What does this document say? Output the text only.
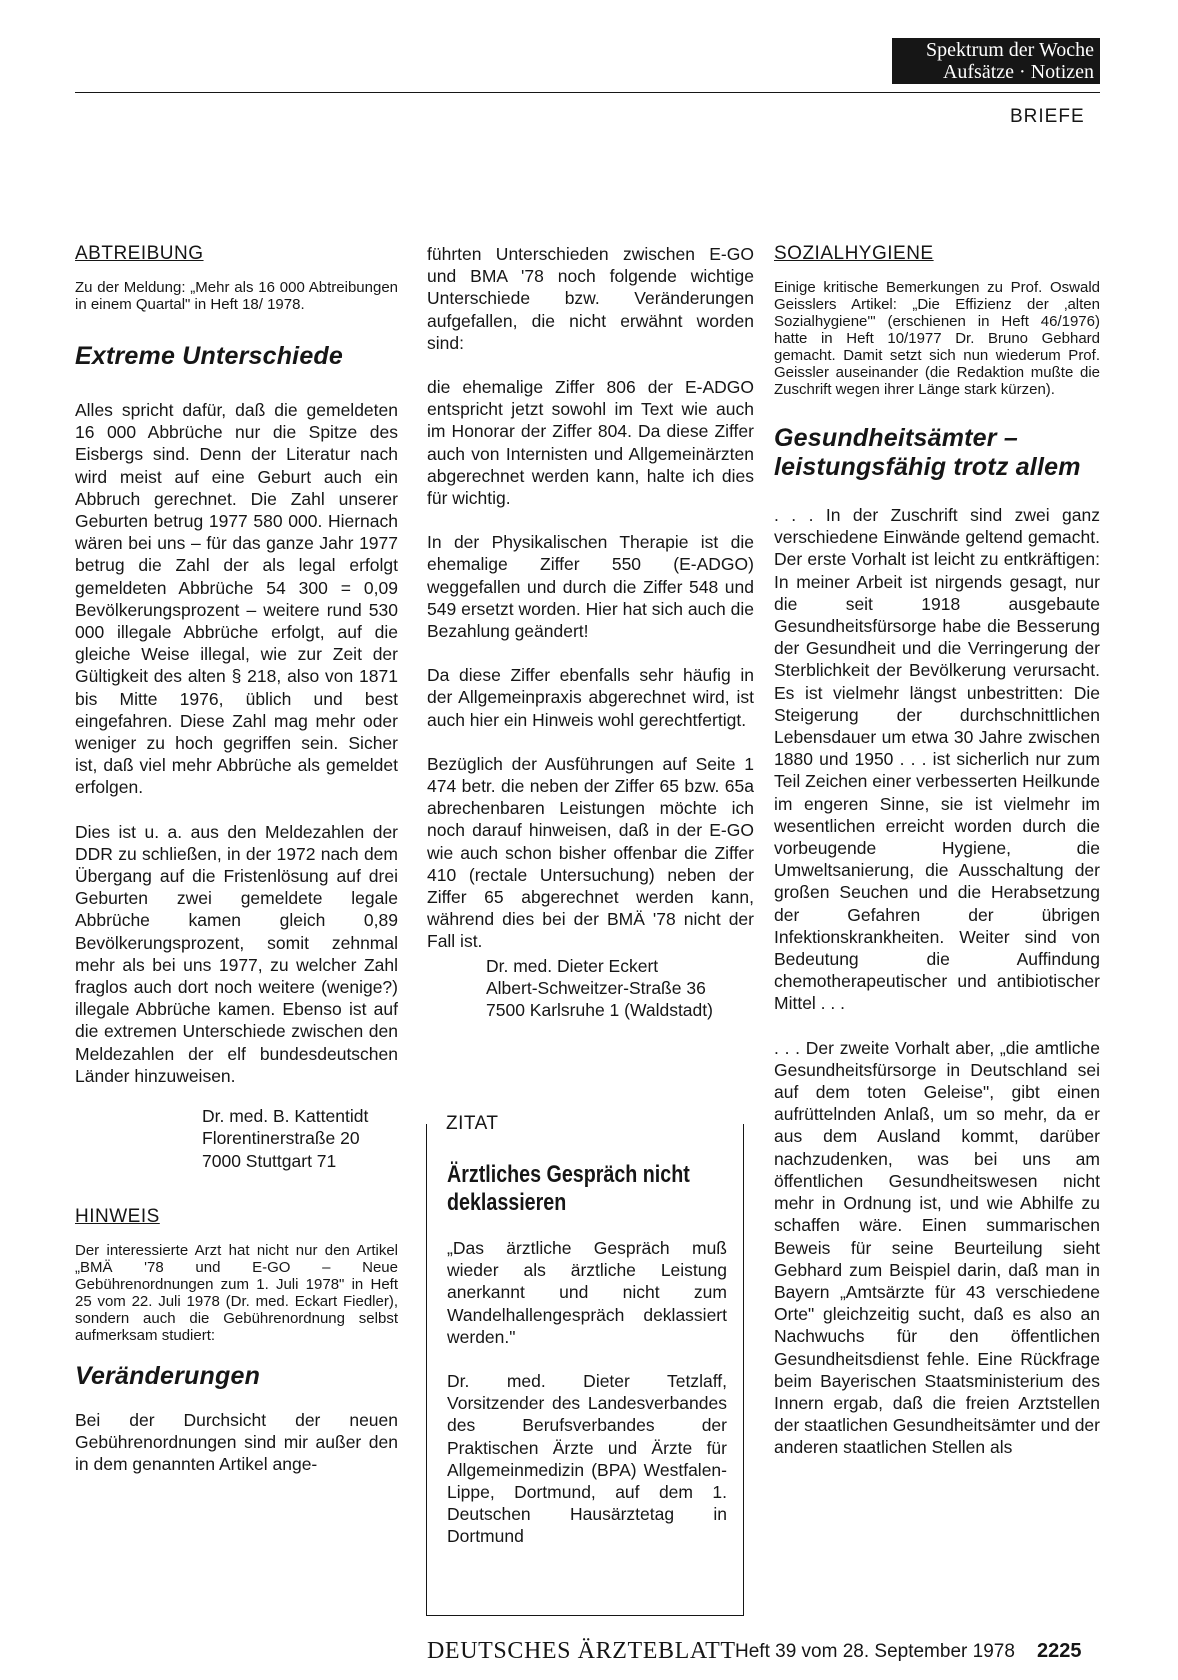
Spektrum der Woche
Aufsätze · Notizen
BRIEFE
ABTREIBUNG

Zu der Meldung: „Mehr als 16 000 Abtreibungen in einem Quartal" in Heft 18/ 1978.

Extreme Unterschiede

Alles spricht dafür, daß die gemeldeten 16 000 Abbrüche nur die Spitze des Eisbergs sind. Denn der Literatur nach wird meist auf eine Geburt auch ein Abbruch gerechnet. Die Zahl unserer Geburten betrug 1977 580 000. Hiernach wären bei uns – für das ganze Jahr 1977 betrug die Zahl der als legal erfolgt gemeldeten Abbrüche 54 300 = 0,09 Bevölkerungsprozent – weitere rund 530 000 illegale Abbrüche erfolgt, auf die gleiche Weise illegal, wie zur Zeit der Gültigkeit des alten § 218, also von 1871 bis Mitte 1976, üblich und best eingefahren. Diese Zahl mag mehr oder weniger zu hoch gegriffen sein. Sicher ist, daß viel mehr Abbrüche als gemeldet erfolgen.

Dies ist u. a. aus den Meldezahlen der DDR zu schließen, in der 1972 nach dem Übergang auf die Fristenlösung auf drei Geburten zwei gemeldete legale Abbrüche kamen gleich 0,89 Bevölkerungsprozent, somit zehnmal mehr als bei uns 1977, zu welcher Zahl fraglos auch dort noch weitere (wenige?) illegale Abbrüche kamen. Ebenso ist auf die extremen Unterschiede zwischen den Meldezahlen der elf bundesdeutschen Länder hinzuweisen.

Dr. med. B. Kattentidt
Florentinerstraße 20
7000 Stuttgart 71
HINWEIS

Der interessierte Arzt hat nicht nur den Artikel „BMÄ '78 und E-GO – Neue Gebührenordnungen zum 1. Juli 1978" in Heft 25 vom 22. Juli 1978 (Dr. med. Eckart Fiedler), sondern auch die Gebührenordnung selbst aufmerksam studiert:

Veränderungen

Bei der Durchsicht der neuen Gebührenordnungen sind mir außer den in dem genannten Artikel ange-

führten Unterschieden zwischen E-GO und BMA '78 noch folgende wichtige Unterschiede bzw. Veränderungen aufgefallen, die nicht erwähnt worden sind:

die ehemalige Ziffer 806 der E-ADGO entspricht jetzt sowohl im Text wie auch im Honorar der Ziffer 804. Da diese Ziffer auch von Internisten und Allgemeinärzten abgerechnet werden kann, halte ich dies für wichtig.

In der Physikalischen Therapie ist die ehemalige Ziffer 550 (E-ADGO) weggefallen und durch die Ziffer 548 und 549 ersetzt worden. Hier hat sich auch die Bezahlung geändert!

Da diese Ziffer ebenfalls sehr häufig in der Allgemeinpraxis abgerechnet wird, ist auch hier ein Hinweis wohl gerechtfertigt.

Bezüglich der Ausführungen auf Seite 1 474 betr. die neben der Ziffer 65 bzw. 65a abrechenbaren Leistungen möchte ich noch darauf hinweisen, daß in der E-GO wie auch schon bisher offenbar die Ziffer 410 (rectale Untersuchung) neben der Ziffer 65 abgerechnet werden kann, während dies bei der BMÄ '78 nicht der Fall ist.

Dr. med. Dieter Eckert
Albert-Schweitzer-Straße 36
7500 Karlsruhe 1 (Waldstadt)
ZITAT
Ärztliches Gespräch nicht deklassieren

„Das ärztliche Gespräch muß wieder als ärztliche Leistung anerkannt und nicht zum Wandelhallengespräch deklassiert werden."

Dr. med. Dieter Tetzlaff, Vorsitzender des Landesverbandes des Berufsverbandes der Praktischen Ärzte und Ärzte für Allgemeinmedizin (BPA) Westfalen-Lippe, Dortmund, auf dem 1. Deutschen Hausärztetag in Dortmund

SOZIALHYGIENE

Einige kritische Bemerkungen zu Prof. Oswald Geisslers Artikel: „Die Effizienz der ‚alten Sozialhygiene'" (erschienen in Heft 46/1976) hatte in Heft 10/1977 Dr. Bruno Gebhard gemacht. Damit setzt sich nun wiederum Prof. Geissler auseinander (die Redaktion mußte die Zuschrift wegen ihrer Länge stark kürzen).

Gesundheitsämter – leistungsfähig trotz allem

. . . In der Zuschrift sind zwei ganz verschiedene Einwände geltend gemacht. Der erste Vorhalt ist leicht zu entkräftigen: In meiner Arbeit ist nirgends gesagt, nur die seit 1918 ausgebaute Gesundheitsfürsorge habe die Besserung der Gesundheit und die Verringerung der Sterblichkeit der Bevölkerung verursacht. Es ist vielmehr längst unbestritten: Die Steigerung der durchschnittlichen Lebensdauer um etwa 30 Jahre zwischen 1880 und 1950 . . . ist sicherlich nur zum Teil Zeichen einer verbesserten Heilkunde im engeren Sinne, sie ist vielmehr im wesentlichen erreicht worden durch die vorbeugende Hygiene, die Umweltsanierung, die Ausschaltung der großen Seuchen und die Herabsetzung der Gefahren der übrigen Infektionskrankheiten. Weiter sind von Bedeutung die Auffindung chemotherapeutischer und antibiotischer Mittel . . .

. . . Der zweite Vorhalt aber, „die amtliche Gesundheitsfürsorge in Deutschland sei auf dem toten Geleise", gibt einen aufrüttelnden Anlaß, um so mehr, da er aus dem Ausland kommt, darüber nachzudenken, was bei uns am öffentlichen Gesundheitswesen nicht mehr in Ordnung ist, und wie Abhilfe zu schaffen wäre. Einen summarischen Beweis für seine Beurteilung sieht Gebhard zum Beispiel darin, daß man in Bayern „Amtsärzte für 43 verschiedene Orte" gleichzeitig sucht, daß es also an Nachwuchs für den öffentlichen Gesundheitsdienst fehle. Eine Rückfrage beim Bayerischen Staatsministerium des Innern ergab, daß die freien Arztstellen der staatlichen Gesundheitsämter und der anderen staatlichen Stellen als

DEUTSCHES ÄRZTEBLATT Heft 39 vom 28. September 1978 2225
